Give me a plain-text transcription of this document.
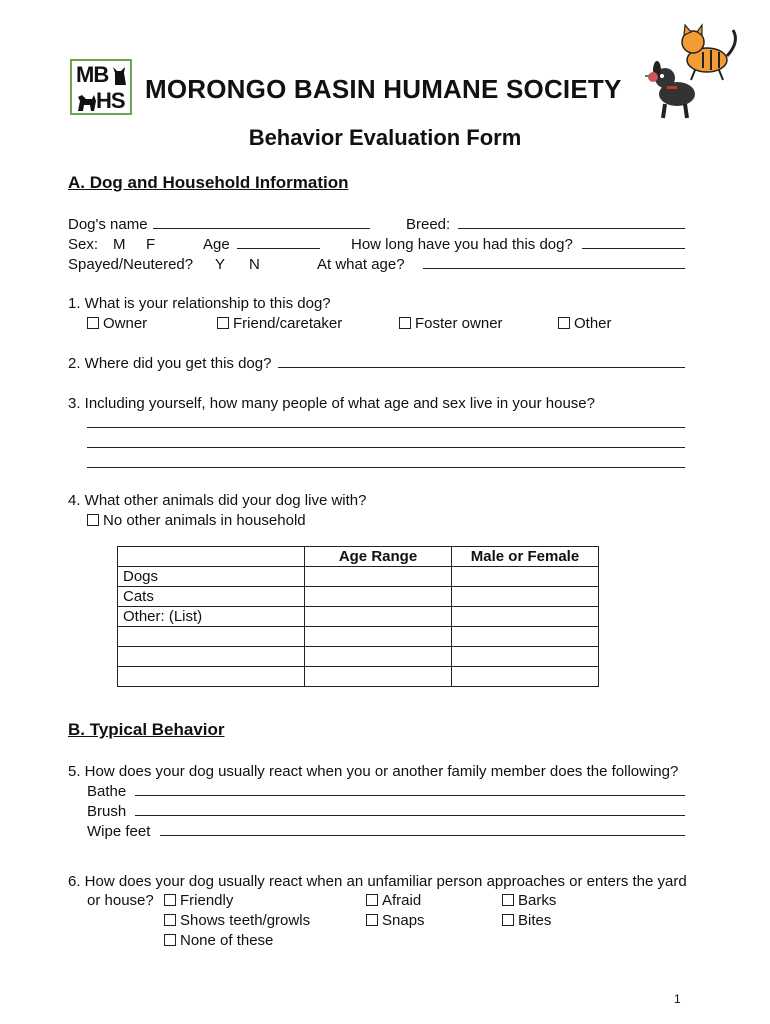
MB
HS MORONGO BASIN HUMANE SOCIETY
Behavior Evaluation Form
A. Dog and Household Information
Dog's name	Breed:
Sex: M F	Age	How long have you had this dog?
Spayed/Neutered? Y N	At what age?
1. What is your relationship to this dog?
Owner	Friend/caretaker	Foster owner	Other
2. Where did you get this dog?
3. Including yourself, how many people of what age and sex live in your house?
4. What other animals did your dog live with?
No other animals in household
	Age Range	Male or Female
Dogs		
Cats		
Other: (List)		

B. Typical Behavior
5. How does your dog usually react when you or another family member does the following?
Bathe
Brush
Wipe feet
6. How does your dog usually react when an unfamiliar person approaches or enters the yard
or house?	Friendly	Afraid	Barks
Shows teeth/growls	Snaps	Bites
None of these
1
